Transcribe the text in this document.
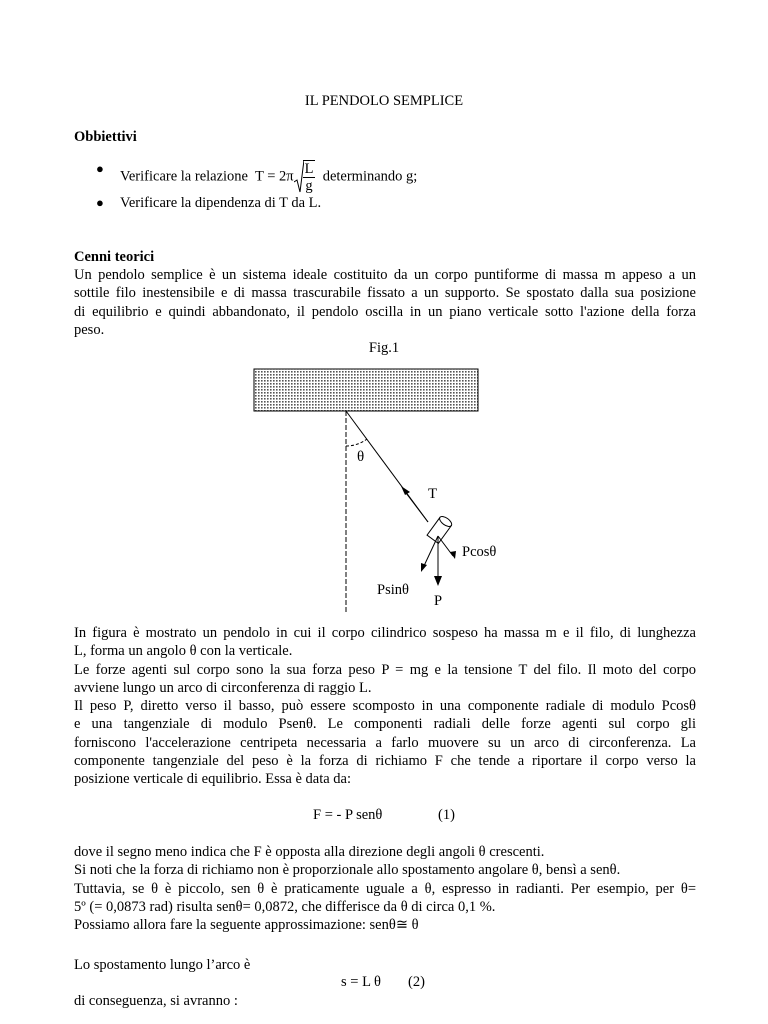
IL PENDOLO SEMPLICE
Obbiettivi
● Verificare la relazione $T = 2\pi \frac{L}{g}$ determinando g;
● Verificare la dipendenza di T da L.
Cenni teorici
Un pendolo semplice è un sistema ideale costituito da un corpo puntiforme di massa m appeso a un
sottile filo inestensibile e di massa trascurabile fissato a un supporto. Se spostato dalla sua posizione
di equilibrio e quindi abbandonato, il pendolo oscilla in un piano verticale sotto l'azione della forza
peso.
Fig.1
θ
T
Pcosθ
Psinθ
P
In figura è mostrato un pendolo in cui il corpo cilindrico sospeso ha massa m e il filo, di lunghezza
L, forma un angolo θ con la verticale.
Le forze agenti sul corpo sono la sua forza peso P = mg e la tensione T del filo. Il moto del corpo
avviene lungo un arco di circonferenza di raggio L.
Il peso P, diretto verso il basso, può essere scomposto in una componente radiale di modulo Pcosθ
e una tangenziale di modulo Psenθ. Le componenti radiali delle forze agenti sul corpo gli
forniscono l'accelerazione centripeta necessaria a farlo muovere su un arco di circonferenza. La
componente tangenziale del peso è la forza di richiamo F che tende a riportare il corpo verso la
posizione verticale di equilibrio. Essa è data da:
F = - P senθ	(1)
dove il segno meno indica che F è opposta alla direzione degli angoli θ crescenti.
Si noti che la forza di richiamo non è proporzionale allo spostamento angolare θ, bensì a senθ.
Tuttavia, se θ è piccolo, sen θ è praticamente uguale a θ, espresso in radianti. Per esempio, per θ=
5º (= 0,0873 rad) risulta senθ= 0,0872, che differisce da θ di circa 0,1 %.
Possiamo allora fare la seguente approssimazione: senθ≅ θ
Lo spostamento lungo l’arco è
s = L θ (2)
di conseguenza, si avranno :
